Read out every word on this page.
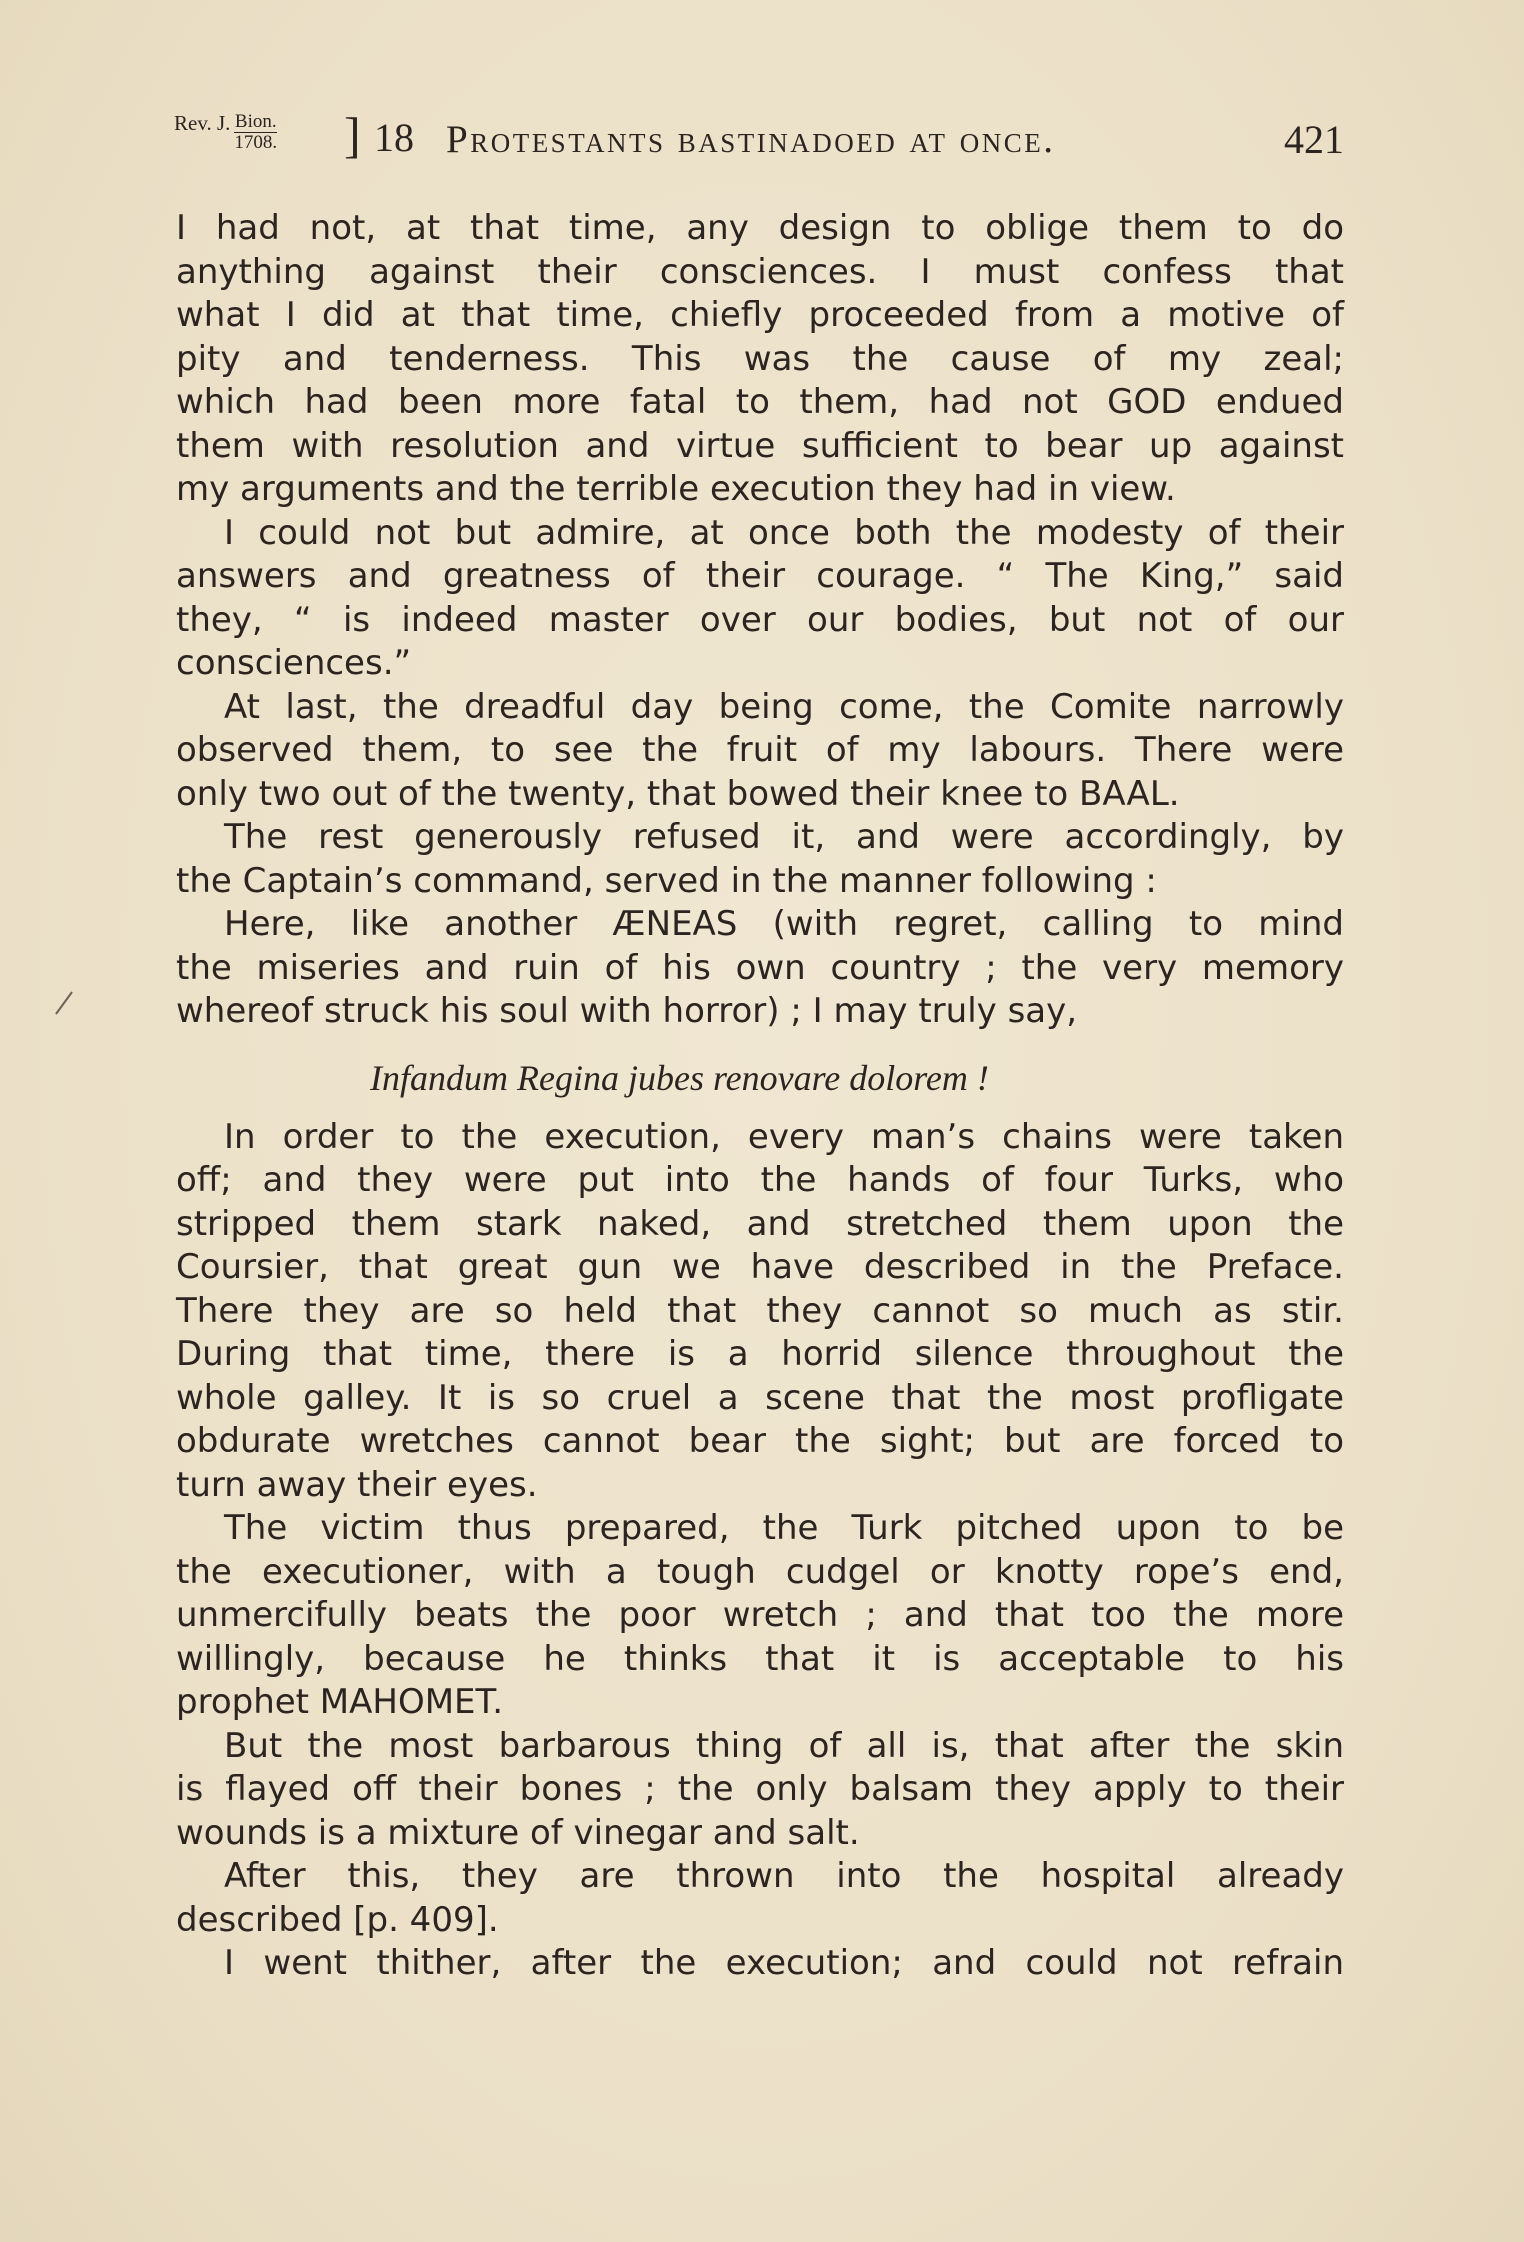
Rev. J. Bion.
1708. ] 18 Protestants bastinadoed at once.	421
I had not, at that time, any design to oblige them to do
anything against their consciences. I must confess that
what I did at that time, chiefly proceeded from a motive of
pity and tenderness. This was the cause of my zeal;
which had been more fatal to them, had not GOD endued
them with resolution and virtue sufficient to bear up against
my arguments and the terrible execution they had in view.
I could not but admire, at once both the modesty of their
answers and greatness of their courage. “ The King,” said
they, “ is indeed master over our bodies, but not of our
consciences.”
At last, the dreadful day being come, the Comite narrowly
observed them, to see the fruit of my labours. There were
only two out of the twenty, that bowed their knee to BAAL.
The rest generously refused it, and were accordingly, by
the Captain’s command, served in the manner following :
Here, like another ÆNEAS (with regret, calling to mind
the miseries and ruin of his own country ; the very memory
whereof struck his soul with horror) ; I may truly say,
Infandum Regina jubes renovare dolorem !
In order to the execution, every man’s chains were taken
off; and they were put into the hands of four Turks, who
stripped them stark naked, and stretched them upon the
Coursier, that great gun we have described in the Preface.
There they are so held that they cannot so much as stir.
During that time, there is a horrid silence throughout the
whole galley. It is so cruel a scene that the most profligate
obdurate wretches cannot bear the sight; but are forced to
turn away their eyes.
The victim thus prepared, the Turk pitched upon to be
the executioner, with a tough cudgel or knotty rope’s end,
unmercifully beats the poor wretch ; and that too the more
willingly, because he thinks that it is acceptable to his
prophet MAHOMET.
But the most barbarous thing of all is, that after the skin
is flayed off their bones ; the only balsam they apply to their
wounds is a mixture of vinegar and salt.
After this, they are thrown into the hospital already
described [p. 409].
I went thither, after the execution; and could not refrain
